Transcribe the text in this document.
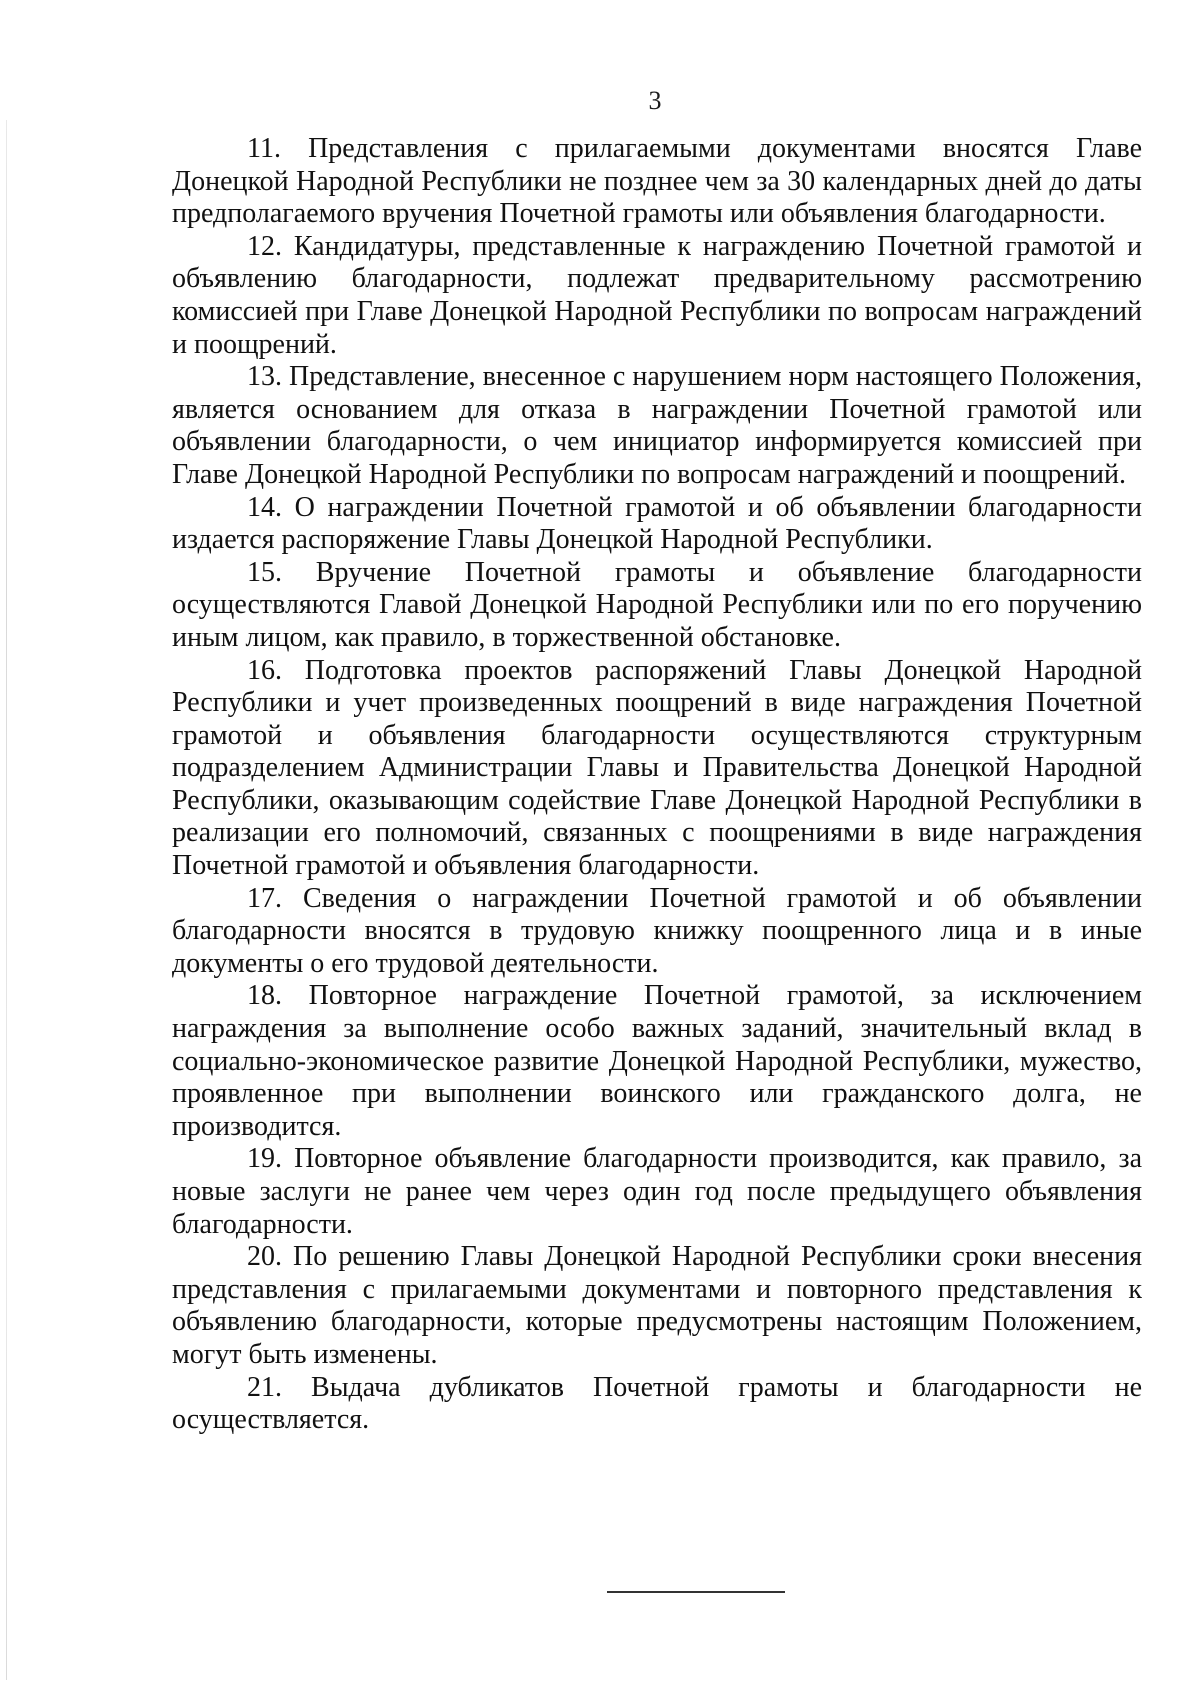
3

11. Представления с прилагаемыми документами вносятся Главе Донецкой Народной Республики не позднее чем за 30 календарных дней до даты предполагаемого вручения Почетной грамоты или объявления благодарности.

12. Кандидатуры, представленные к награждению Почетной грамотой и объявлению благодарности, подлежат предварительному рассмотрению комиссией при Главе Донецкой Народной Республики по вопросам награждений и поощрений.

13. Представление, внесенное с нарушением норм настоящего Положения, является основанием для отказа в награждении Почетной грамотой или объявлении благодарности, о чем инициатор информируется комиссией при Главе Донецкой Народной Республики по вопросам награждений и поощрений.

14. О награждении Почетной грамотой и об объявлении благодарности издается распоряжение Главы Донецкой Народной Республики.

15. Вручение Почетной грамоты и объявление благодарности осуществляются Главой Донецкой Народной Республики или по его поручению иным лицом, как правило, в торжественной обстановке.

16. Подготовка проектов распоряжений Главы Донецкой Народной Республики и учет произведенных поощрений в виде награждения Почетной грамотой и объявления благодарности осуществляются структурным подразделением Администрации Главы и Правительства Донецкой Народной Республики, оказывающим содействие Главе Донецкой Народной Республики в реализации его полномочий, связанных с поощрениями в виде награждения Почетной грамотой и объявления благодарности.

17. Сведения о награждении Почетной грамотой и об объявлении благодарности вносятся в трудовую книжку поощренного лица и в иные документы о его трудовой деятельности.

18. Повторное награждение Почетной грамотой, за исключением награждения за выполнение особо важных заданий, значительный вклад в социально-экономическое развитие Донецкой Народной Республики, мужество, проявленное при выполнении воинского или гражданского долга, не производится.

19. Повторное объявление благодарности производится, как правило, за новые заслуги не ранее чем через один год после предыдущего объявления благодарности.

20. По решению Главы Донецкой Народной Республики сроки внесения представления с прилагаемыми документами и повторного представления к объявлению благодарности, которые предусмотрены настоящим Положением, могут быть изменены.

21. Выдача дубликатов Почетной грамоты и благодарности не осуществляется.
